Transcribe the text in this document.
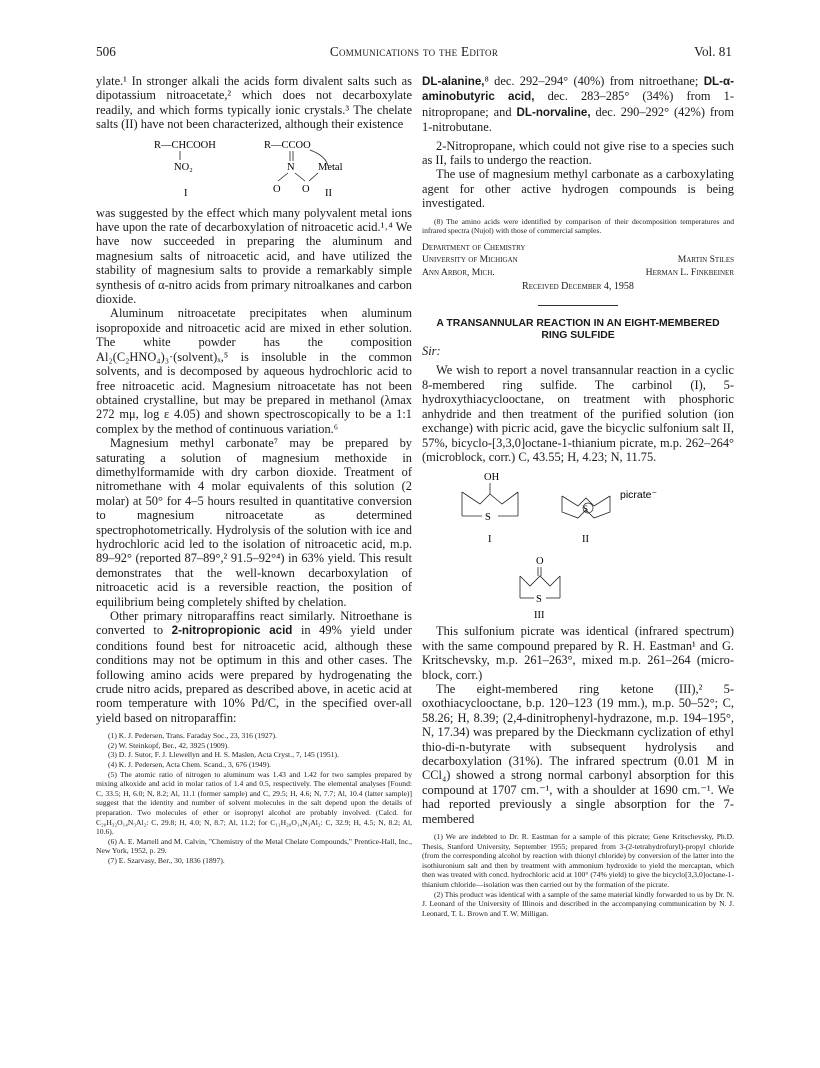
506	Communications to the Editor	Vol. 81

ylate.¹ In stronger alkali the acids form divalent salts such as dipotassium nitroacetate,² which does not decarboxylate readily, and which forms typically ionic crystals.³ The chelate salts (II) have not been characterized, although their existence

R—CHCOOH
NO₂
I
R—CCOO
N Metal
O O II

was suggested by the effect which many polyvalent metal ions have upon the rate of decarboxylation of nitroacetic acid.¹˒⁴ We have now succeeded in preparing the aluminum and magnesium salts of nitroacetic acid, and have utilized the stability of magnesium salts to provide a remarkably simple synthesis of α-nitro acids from primary nitroalkanes and carbon dioxide.

Aluminum nitroacetate precipitates when aluminum isopropoxide and nitroacetic acid are mixed in ether solution. The white powder has the composition Al₂(C₂HNO₄)₃·(solvent)ₓ,⁵ is insoluble in the common solvents, and is decomposed by aqueous hydrochloric acid to free nitroacetic acid. Magnesium nitroacetate has not been obtained crystalline, but may be prepared in methanol (λmax 272 mμ, log ε 4.05) and shown spectroscopically to be a 1:1 complex by the method of continuous variation.⁶

Magnesium methyl carbonate⁷ may be prepared by saturating a solution of magnesium methoxide in dimethylformamide with dry carbon dioxide. Treatment of nitromethane with 4 molar equivalents of this solution (2 molar) at 50° for 4–5 hours resulted in quantitative conversion to magnesium nitroacetate as determined spectrophotometrically. Hydrolysis of the solution with ice and hydrochloric acid led to the isolation of nitroacetic acid, m.p. 89–92° (reported 87–89°,² 91.5–92°⁴) in 63% yield. This result demonstrates that the well-known decarboxylation of nitroacetic acid is a reversible reaction, the position of equilibrium being completely shifted by chelation.

Other primary nitroparaffins react similarly. Nitroethane is converted to 2-nitropropionic acid in 49% yield under conditions found best for nitroacetic acid, although these conditions may not be optimum in this and other cases. The following amino acids were prepared by hydrogenating the crude nitro acids, prepared as described above, in acetic acid at room temperature with 10% Pd/C, in the specified over-all yield based on nitroparaffin:

(1) K. J. Pedersen, Trans. Faraday Soc., 23, 316 (1927).

(2) W. Steinkopf, Ber., 42, 3925 (1909).

(3) D. J. Sutor, F. J. Llewellyn and H. S. Maslen, Acta Cryst., 7, 145 (1951).

(4) K. J. Pedersen, Acta Chem. Scand., 3, 676 (1949).

(5) The atomic ratio of nitrogen to aluminum was 1.43 and 1.42 for two samples prepared by mixing alkoxide and acid in molar ratios of 1.4 and 0.5, respectively. The elemental analyses [Found: C, 33.5; H, 6.0; N, 8.2; Al, 11.1 (former sample) and C, 29.5; H, 4.6; N, 7.7; Al, 10.4 (latter sample)] suggest that the identity and number of solvent molecules in the salt depend upon the details of preparation. Two molecules of ether or isopropyl alcohol are probably involved. (Calcd. for C₂₀H₃₂O₁₄N₃Al₂: C, 29.8; H, 4.0; N, 8.7; Al, 11.2; for C₁₁H₂₀O₁₄N₃Al₂: C, 32.9; H, 4.5; N, 8.2; Al, 10.6).

(6) A. E. Martell and M. Calvin, "Chemistry of the Metal Chelate Compounds," Prentice-Hall, Inc., New York, 1952, p. 29.

(7) E. Szarvasy, Ber., 30, 1836 (1897).

DL-alanine,⁸ dec. 292–294° (40%) from nitroethane; DL-α-aminobutyric acid, dec. 283–285° (34%) from 1-nitropropane; and DL-norvaline, dec. 290–292° (42%) from 1-nitrobutane.

2-Nitropropane, which could not give rise to a species such as II, fails to undergo the reaction.

The use of magnesium methyl carbonate as a carboxylating agent for other active hydrogen compounds is being investigated.

(8) The amino acids were identified by comparison of their decomposition temperatures and infrared spectra (Nujol) with those of commercial samples.

Department of Chemistry
University of Michigan	Martin Stiles
Ann Arbor, Mich.	Herman L. Finkbeiner
Received December 4, 1958
A TRANSANNULAR REACTION IN AN EIGHT-MEMBERED RING SULFIDE
Sir:

We wish to report a novel transannular reaction in a cyclic 8-membered ring sulfide. The carbinol (I), 5-hydroxythiacyclooctane, on treatment with phosphoric anhydride and then treatment of the purified solution (ion exchange) with picric acid, gave the bicyclic sulfonium salt II, 57%, bicyclo-[3,3,0]octane-1-thianium picrate, m.p. 262–264° (microblock, corr.) C, 43.55; H, 4.23; N, 11.75.

OH
S
I
S
picrate⁻
II
O
S
III

This sulfonium picrate was identical (infrared spectrum) with the same compound prepared by R. H. Eastman¹ and G. Kritschevsky, m.p. 261–263°, mixed m.p. 261–264 (micro-block, corr.)

The eight-membered ring ketone (III),² 5-oxothiacyclooctane, b.p. 120–123 (19 mm.), m.p. 50–52°; C, 58.26; H, 8.39; (2,4-dinitrophenyl-hydrazone, m.p. 194–195°, N, 17.34) was prepared by the Dieckmann cyclization of ethyl thio-di-n-butyrate with subsequent hydrolysis and decarboxylation (31%). The infrared spectrum (0.01 M in CCl₄) showed a strong normal carbonyl absorption for this compound at 1707 cm.⁻¹, with a shoulder at 1690 cm.⁻¹. We had reported previously a single absorption for the 7-membered

(1) We are indebted to Dr. R. Eastman for a sample of this picrate; Gene Kritschevsky, Ph.D. Thesis, Stanford University, September 1955; prepared from 3-(2-tetrahydrofuryl)-propyl chloride (from the corresponding alcohol by reaction with thionyl chloride) by conversion of the latter into the isothiuronium salt and then by treatment with ammonium hydroxide to yield the mercaptan, which then was treated with concd. hydrochloric acid at 100° (74% yield) to give the bicyclo[3,3,0]octane-1-thianium chloride—isolation was then carried out by the formation of the picrate.

(2) This product was identical with a sample of the same material kindly forwarded to us by Dr. N. J. Leonard of the University of Illinois and described in the accompanying communication by N. J. Leonard, T. L. Brown and T. W. Milligan.
